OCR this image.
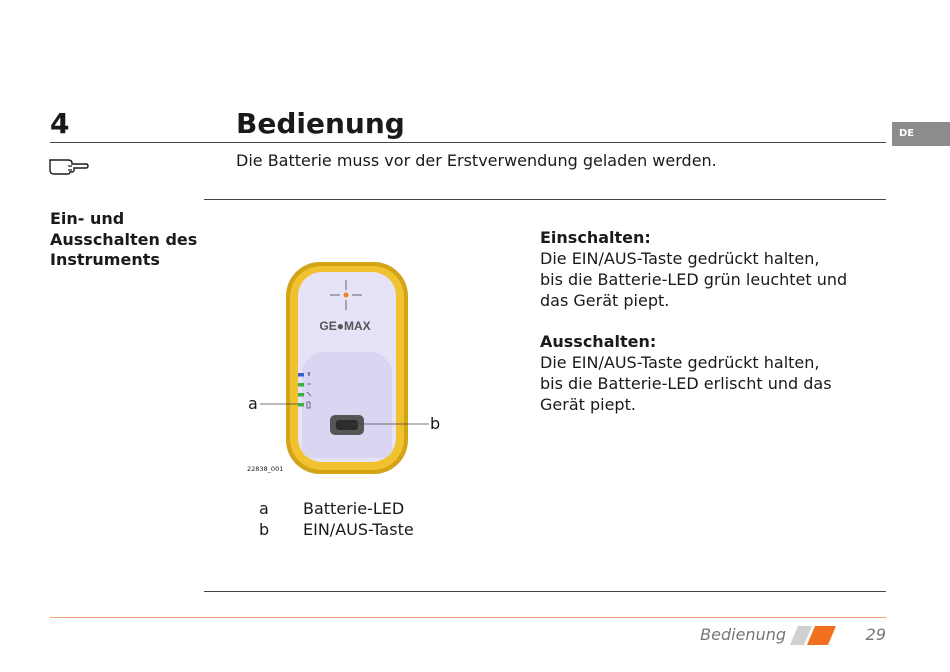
4	Bedienung	DE
Die Batterie muss vor der Erstverwendung geladen werden.
Ein- und
Ausschalten des
Instruments
GE●MAX
a
b
22838_001
a	Batterie-LED
b	EIN/AUS-Taste
Einschalten:

Die EIN/AUS-Taste gedrückt halten,

bis die Batterie-LED grün leuchtet und

das Gerät piept.

Ausschalten:

Die EIN/AUS-Taste gedrückt halten,

bis die Batterie-LED erlischt und das

Gerät piept.

Bedienung	29
